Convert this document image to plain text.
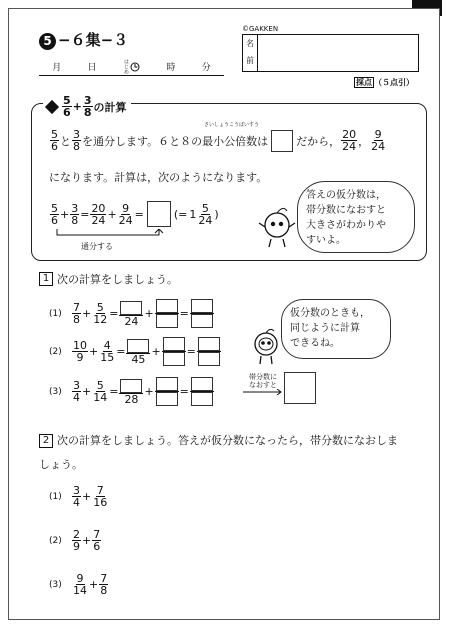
5 −６集−３
月	日	はじめ	時	分
©GAKKEN
名
前
採点 （５点引）
$\frac{5}{6} + \frac{3}{8}$ の計算
$\frac{5}{6}$ と $\frac{3}{8}$ を通分します。６と８の最小公倍数は	だから， $\frac{20}{24}$ ， $\frac{9}{24}$
さいしょうこうばいすう
になります。計算は，次のようになります。
$\frac{5}{6} + \frac{3}{8} = \frac{20}{24} + \frac{9}{24}$ =	(= $1 \frac{5}{24}$ )
通分する
答えの仮分数は，
帯分数になおすと
大きさがわかりや
すいよ。
1 次の計算をしましょう。
$(1) \frac{7}{8} + \frac{5}{12}$ =
24
+ =
$(2) \frac{10}{9} + \frac{4}{15}$ =
45
+ =
$(3) \frac{3}{4} + \frac{5}{14}$ =
28
+ =
仮分数のときも，
同じように計算
できるね。
帯分数に
なおすと
2 次の計算をしましょう。答えが仮分数になったら，帯分数になおしま
しょう。
$(1) \frac{3}{4} + \frac{7}{16}$
$(2) \frac{2}{9} + \frac{7}{6}$
$(3) \frac{9}{14} + \frac{7}{8}$
